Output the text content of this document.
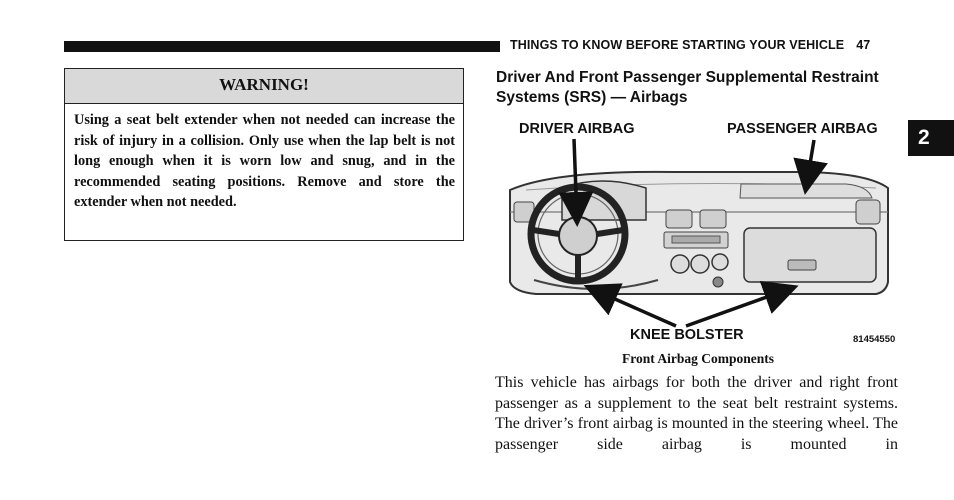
THINGS TO KNOW BEFORE STARTING YOUR VEHICLE 47
WARNING!
Using a seat belt extender when not needed can increase the risk of injury in a collision. Only use when the lap belt is not long enough when it is worn low and snug, and in the recommended seating positions. Remove and store the extender when not needed.
Driver And Front Passenger Supplemental Restraint Systems (SRS) — Airbags
2
DRIVER AIRBAG	PASSENGER AIRBAG
KNEE BOLSTER	81454550
Front Airbag Components
This vehicle has airbags for both the driver and right front passenger as a supplement to the seat belt restraint systems. The driver’s front airbag is mounted in the steering wheel. The passenger side airbag is mounted in
